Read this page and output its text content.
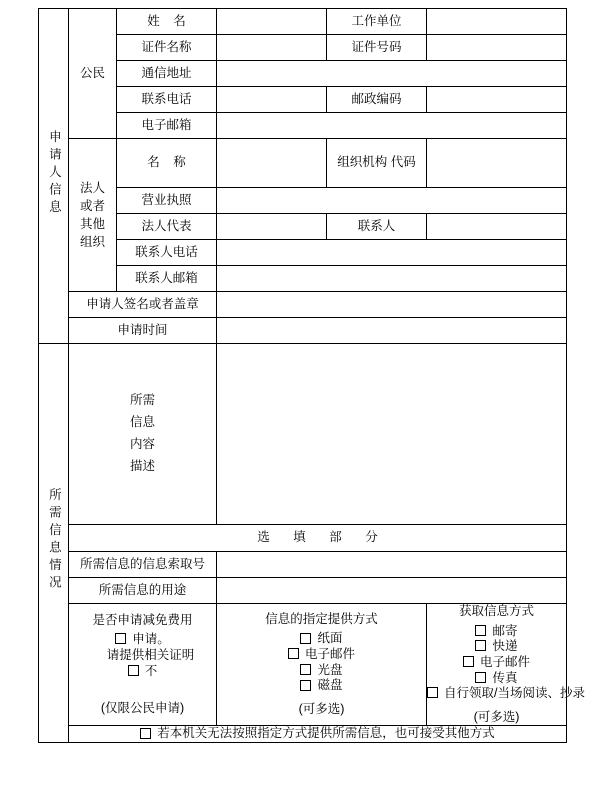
申请人信息	公民	姓 名		工作单位	
		证件名称		证件号码	
		通信地址			
		联系电话		邮政编码	
		电子邮箱			

	法人
或者
其他
组织	名 称		组织机构 代码	
		营业执照			
		法人代表		联系人	
		联系人电话			
		联系人邮箱			
	申请人签名或者盖章				
	申请时间				
所需信息情况	所需
信息
内容
描述				

	选 填 部 分				
	所需信息的信息索取号				
	所需信息的用途				

是否申请减免费用
申请。
请提供相关证明
不
(仅限公民申请)

信息的指定提供方式
纸面
电子邮件
光盘
磁盘
(可多选)

获取信息方式
邮寄
快递
电子邮件
传真
自行领取/当场阅读、抄录
(可多选)

	若本机关无法按照指定方式提供所需信息，也可接受其他方式				
